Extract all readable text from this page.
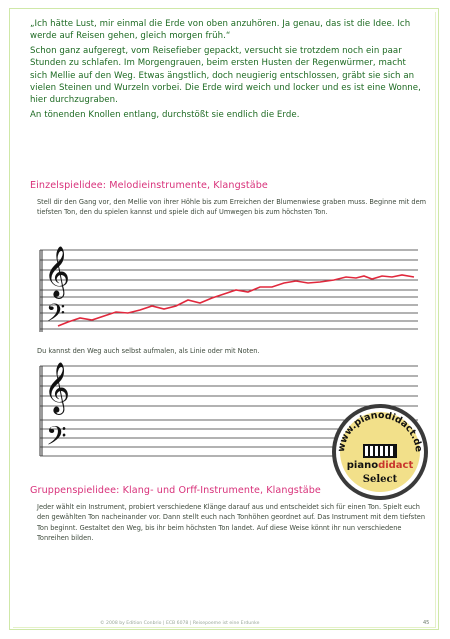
„Ich hätte Lust, mir einmal die Erde von oben anzuhören. Ja genau, das ist die Idee. Ich werde auf Reisen gehen, gleich morgen früh.“

Schon ganz aufgeregt, vom Reisefieber gepackt, versucht sie trotzdem noch ein paar Stunden zu schlafen. Im Morgengrauen, beim ersten Husten der Regenwürmer, macht sich Mellie auf den Weg. Etwas ängstlich, doch neugierig entschlossen, gräbt sie sich an vielen Steinen und Wurzeln vorbei. Die Erde wird weich und locker und es ist eine Wonne, hier durchzugraben.

An tönenden Knollen entlang, durchstößt sie endlich die Erde.

Einzelspielidee: Melodieinstrumente, Klangstäbe
Stell dir den Gang vor, den Mellie von ihrer Höhle bis zum Erreichen der Blumenwiese graben muss. Beginne mit dem tiefsten Ton, den du spielen kannst und spiele dich auf Umwegen bis zum höchsten Ton.
𝄞
𝄢
𝄞
𝄢
Du kannst den Weg auch selbst aufmalen, als Linie oder mit Noten.
www.pianodidact.de
pianodidact
Select
Gruppenspielidee: Klang- und Orff-Instrumente, Klangstäbe
Jeder wählt ein Instrument, probiert verschiedene Klänge darauf aus und entscheidet sich für einen Ton. Spielt euch den gewählten Ton nacheinander vor. Dann stellt euch nach Tonhöhen geordnet auf. Das Instrument mit dem tiefsten Ton beginnt. Gestaltet den Weg, bis ihr beim höchsten Ton landet. Auf diese Weise könnt ihr nun verschiedene Tonreihen bilden.
© 2008 by Edition Conbrio | ECB 6078 | Reisepoeme ist eine Erdunke	45
